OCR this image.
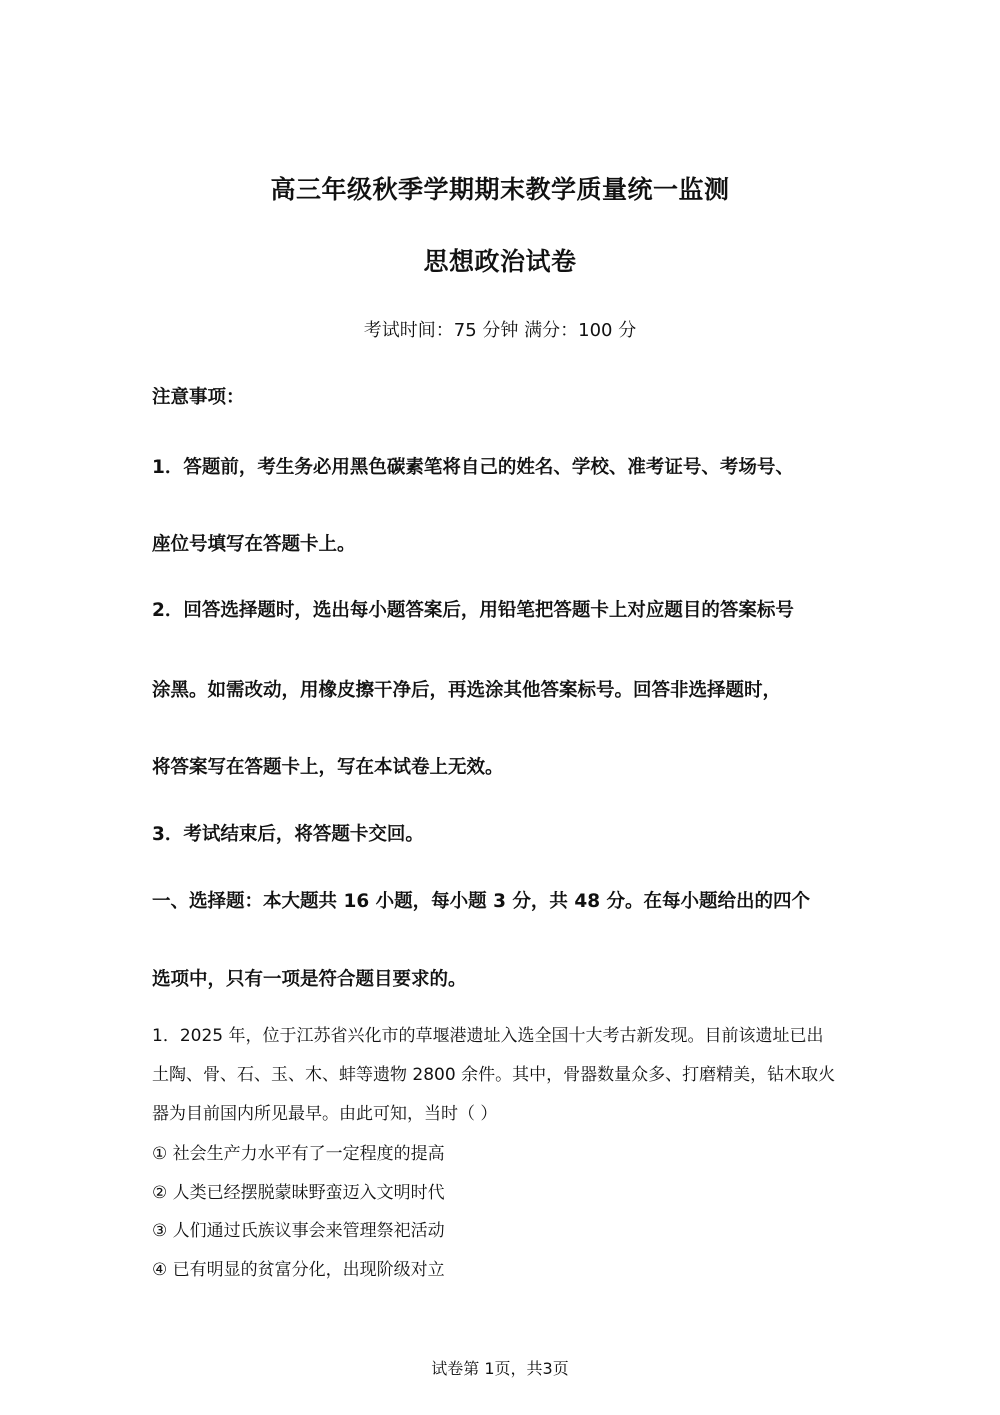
高三年级秋季学期期末教学质量统一监测
思想政治试卷
考试时间：75 分钟 满分：100 分
注意事项：
1．答题前，考生务必用黑色碳素笔将自己的姓名、学校、准考证号、考场号、
座位号填写在答题卡上。
2．回答选择题时，选出每小题答案后，用铅笔把答题卡上对应题目的答案标号
涂黑。如需改动，用橡皮擦干净后，再选涂其他答案标号。回答非选择题时，
将答案写在答题卡上，写在本试卷上无效。
3．考试结束后，将答题卡交回。
一、选择题：本大题共 16 小题，每小题 3 分，共 48 分。在每小题给出的四个
选项中，只有一项是符合题目要求的。
1．2025 年，位于江苏省兴化市的草堰港遗址入选全国十大考古新发现。目前该遗址已出
土陶、骨、石、玉、木、蚌等遗物 2800 余件。其中，骨器数量众多、打磨精美，钻木取火
器为目前国内所见最早。由此可知，当时（ ）
① 社会生产力水平有了一定程度的提高
② 人类已经摆脱蒙昧野蛮迈入文明时代
③ 人们通过氏族议事会来管理祭祀活动
④ 已有明显的贫富分化，出现阶级对立
试卷第 1页，共3页
